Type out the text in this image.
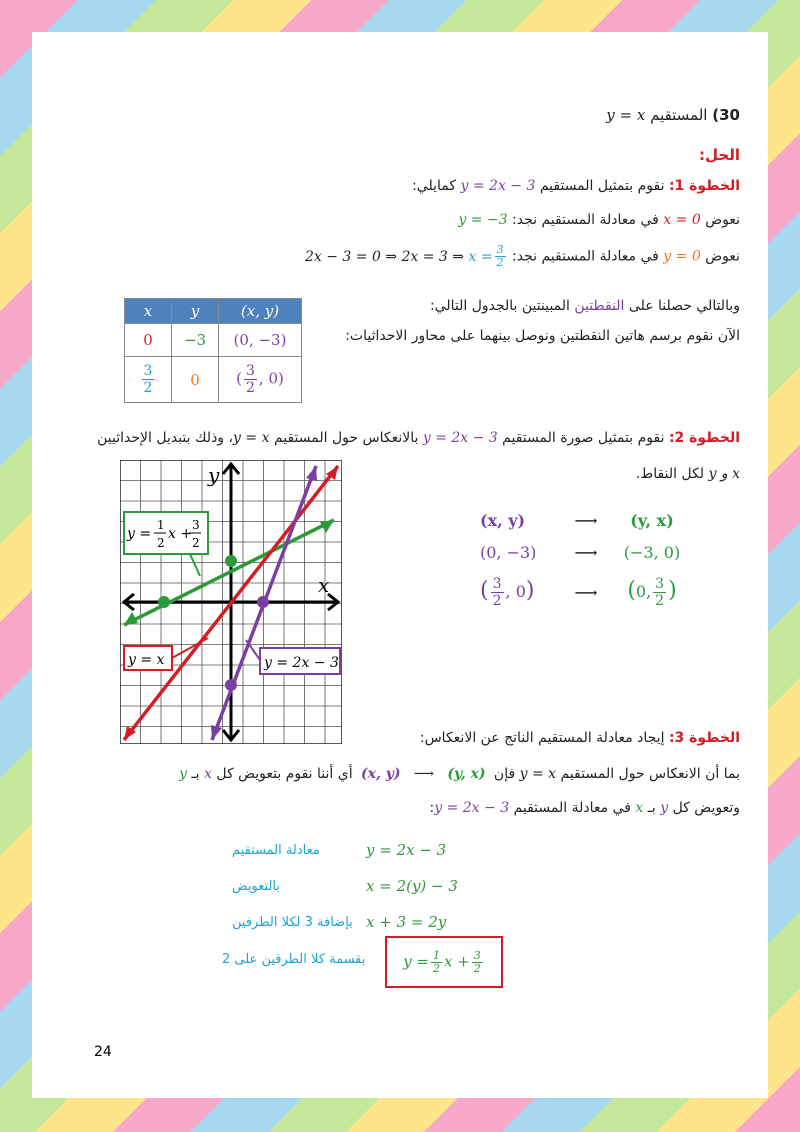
30) المستقيم y = x
الحل:
الخطوة 1: نقوم بتمثيل المستقيم y = 2x − 3 كمايلي:
نعوض x = 0 في معادلة المستقيم نجد: y = −3
نعوض y = 0 في معادلة المستقيم نجد: 2x − 3 = 0 ⇒ 2x = 3 ⇒ $x = \frac{3}{2}$
x	y	(x, y)
0	−3	(0, −3)

$\frac{3}{2}$	0	( $\frac{3}{2}$ , 0)
وبالتالي حصلنا على النقطتين المبينتين بالجدول التالي:
الآن نقوم برسم هاتين النقطتين ونوصل بينهما على محاور الاحداثيات:
الخطوة 2: نقوم بتمثيل صورة المستقيم y = 2x − 3 بالانعكاس حول المستقيم y = x، وذلك بتبديل الإحداثيين
x و y لكل النقاط.
(x, y)	⟶	(y, x)
(0, −3)	⟶	(−3, 0)
( $\frac{3}{2}$ , 0)	⟶	(0, $\frac{3}{2}$ )
y
x
y =
1
2
x +
3
2
y = x	y = 2x − 3
الخطوة 3: إيجاد معادلة المستقيم الناتج عن الانعكاس:
بما أن الانعكاس حول المستقيم y = x فإن (x, y) ⟶ (y, x) أي أننا نقوم بتعويض كل x بـ y
وتعويض كل y بـ x في معادلة المستقيم y = 2x − 3:
معادلة المستقيم	y = 2x − 3
بالتعويض	x = 2(y) − 3
بإضافة 3 لكلا الطرفين x + 3 = 2y
بقسمة كلا الطرفين على 2	$y = \frac{1}{2}$ $x + \frac{3}{2}$
24
